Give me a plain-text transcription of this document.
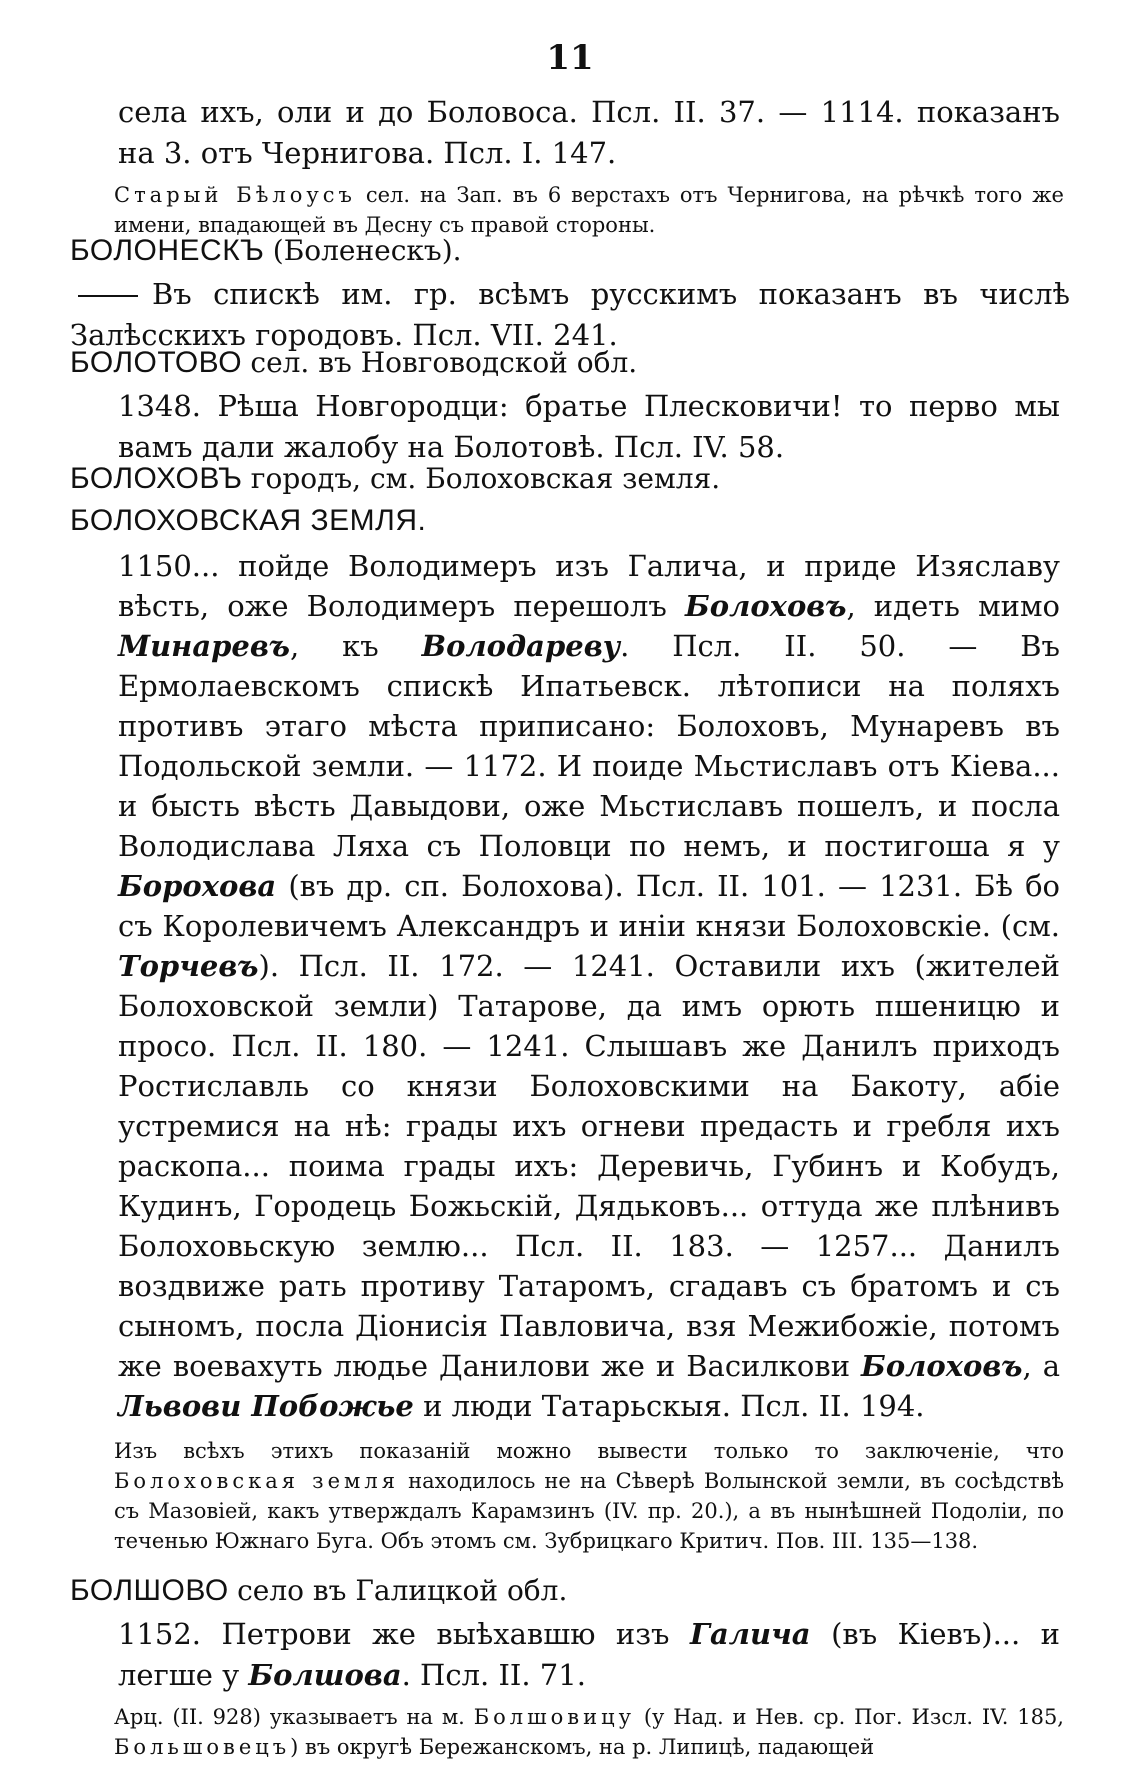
11
села ихъ, оли и до Боловоса. Псл. II. 37. — 1114. показанъ на 3. отъ Чернигова. Псл. I. 147.
Старый Бѣлоусъ сел. на Зап. въ 6 верстахъ отъ Чернигова, на рѣчкѣ того же имени, впадающей въ Десну съ правой стороны.
БОЛОНЕСКЪ (Боленескъ).
Въ спискѣ им. гр. всѣмъ русскимъ показанъ въ числѣ Залѣсскихъ городовъ. Псл. VII. 241.
БОЛОТОВО сел. въ Новговодской обл.
1348. Рѣша Новгородци: братье Плесковичи! то перво мы вамъ дали жалобу на Болотовѣ. Псл. IV. 58.
БОЛОХОВЪ городъ, см. Болоховская земля.
БОЛОХОВСКАЯ ЗЕМЛЯ.
1150... пойде Володимеръ изъ Галича, и приде Изяславу вѣсть, оже Володимеръ перешолъ Болоховъ, идеть мимо Минаревъ, къ Володареву. Псл. II. 50. — Въ Ермолаевскомъ спискѣ Ипатьевск. лѣтописи на поляхъ противъ этаго мѣста приписано: Болоховъ, Мунаревъ въ Подольской земли. — 1172. И поиде Мьстиславъ отъ Кіева... и бысть вѣсть Давыдови, оже Мьстиславъ пошелъ, и посла Володислава Ляха съ Половци по немъ, и постигоша я у Борохова (въ др. сп. Болохова). Псл. II. 101. — 1231. Бѣ бо съ Королевичемъ Александръ и иніи князи Болоховскіе. (см. Торчевъ). Псл. II. 172. — 1241. Оставили ихъ (жителей Болоховской земли) Татарове, да имъ орють пшеницю и просо. Псл. II. 180. — 1241. Слышавъ же Данилъ приходъ Ростиславль со князи Болоховскими на Бакоту, абіе устремися на нѣ: грады ихъ огневи предасть и гребля ихъ раскопа... поима грады ихъ: Деревичь, Губинъ и Кобудъ, Кудинъ, Городець Божьскій, Дядьковъ... оттуда же плѣнивъ Болоховьскую землю... Псл. II. 183. — 1257... Данилъ воздвиже рать противу Татаромъ, сгадавъ съ братомъ и съ сыномъ, посла Діонисія Павловича, взя Межибожіе, потомъ же воевахуть людье Данилови же и Василкови Болоховъ, а Львови Побожье и люди Татарьскыя. Псл. II. 194.
Изъ всѣхъ этихъ показаній можно вывести только то заключеніе, что Болоховская земля находилось не на Сѣверѣ Волынской земли, въ сосѣдствѣ съ Мазовіей, какъ утверждалъ Карамзинъ (IV. пр. 20.), а въ нынѣшней Подоліи, по теченью Южнаго Буга. Объ этомъ см. Зубрицкаго Критич. Пов. III. 135—138.
БОЛШОВО село въ Галицкой обл.
1152. Петрови же выѣхавшю изъ Галича (въ Кіевъ)... и легше у Болшова. Псл. II. 71.
Арц. (II. 928) указываетъ на м. Болшовицу (у Над. и Нев. ср. Пог. Изсл. IV. 185, Большовецъ) въ округѣ Бережанскомъ, на р. Липицѣ, падающей
